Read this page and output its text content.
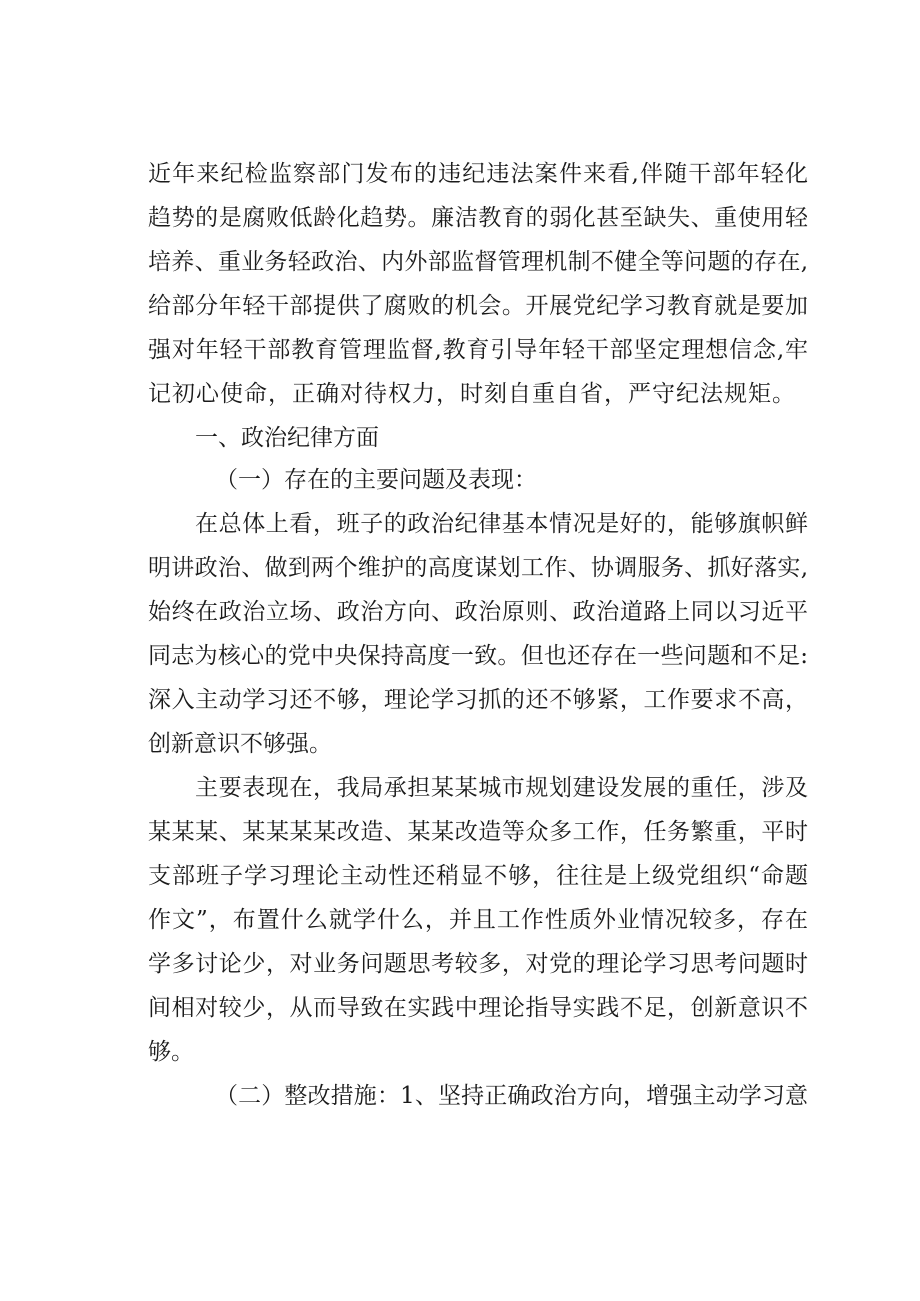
近年来纪检监察部门发布的违纪违法案件来看,伴随干部年轻化
趋势的是腐败低龄化趋势。廉洁教育的弱化甚至缺失、重使用轻
培养、重业务轻政治、内外部监督管理机制不健全等问题的存在,
给部分年轻干部提供了腐败的机会。开展党纪学习教育就是要加
强对年轻干部教育管理监督,教育引导年轻干部坚定理想信念,牢
记初心使命，正确对待权力，时刻自重自省，严守纪法规矩。
一、政治纪律方面
（一）存在的主要问题及表现：
在总体上看，班子的政治纪律基本情况是好的，能够旗帜鲜
明讲政治、做到两个维护的高度谋划工作、协调服务、抓好落实,
始终在政治立场、政治方向、政治原则、政治道路上同以习近平
同志为核心的党中央保持高度一致。但也还存在一些问题和不足:
深入主动学习还不够，理论学习抓的还不够紧，工作要求不高，
创新意识不够强。
主要表现在，我局承担某某城市规划建设发展的重任，涉及
某某某、某某某某改造、某某改造等众多工作，任务繁重，平时
支部班子学习理论主动性还稍显不够，往往是上级党组织“命题
作文”，布置什么就学什么，并且工作性质外业情况较多，存在
学多讨论少，对业务问题思考较多，对党的理论学习思考问题时
间相对较少，从而导致在实践中理论指导实践不足，创新意识不
够。
（二）整改措施：1、坚持正确政治方向，增强主动学习意
